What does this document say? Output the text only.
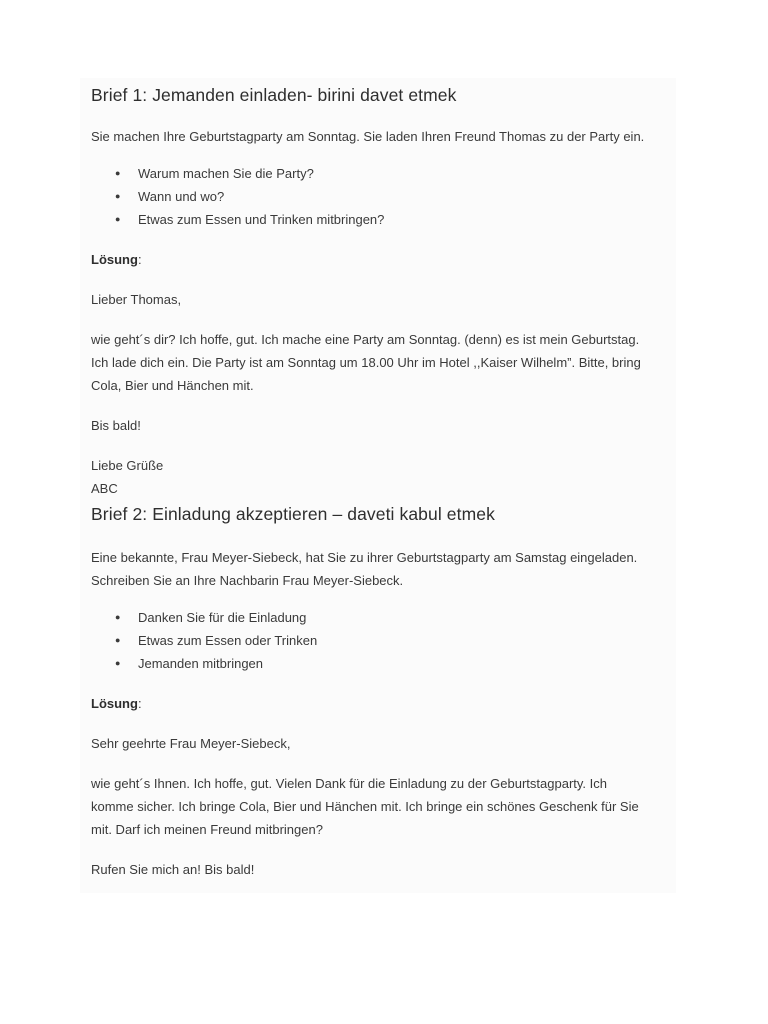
Brief 1: Jemanden einladen- birini davet etmek

Sie machen Ihre Geburtstagparty am Sonntag. Sie laden Ihren Freund Thomas zu der Party ein.

● Warum machen Sie die Party?
● Wann und wo?
● Etwas zum Essen und Trinken mitbringen?

Lösung:

Lieber Thomas,

wie geht´s dir? Ich hoffe, gut. Ich mache eine Party am Sonntag. (denn) es ist mein Geburtstag.

Ich lade dich ein. Die Party ist am Sonntag um 18.00 Uhr im Hotel ,,Kaiser Wilhelm”. Bitte, bring

Cola, Bier und Hänchen mit.

Bis bald!

Liebe Grüße

ABC

Brief 2: Einladung akzeptieren – daveti kabul etmek

Eine bekannte, Frau Meyer-Siebeck, hat Sie zu ihrer Geburtstagparty am Samstag eingeladen.

Schreiben Sie an Ihre Nachbarin Frau Meyer-Siebeck.

● Danken Sie für die Einladung
● Etwas zum Essen oder Trinken
● Jemanden mitbringen

Lösung:

Sehr geehrte Frau Meyer-Siebeck,

wie geht´s Ihnen. Ich hoffe, gut. Vielen Dank für die Einladung zu der Geburtstagparty. Ich

komme sicher. Ich bringe Cola, Bier und Hänchen mit. Ich bringe ein schönes Geschenk für Sie

mit. Darf ich meinen Freund mitbringen?

Rufen Sie mich an! Bis bald!
